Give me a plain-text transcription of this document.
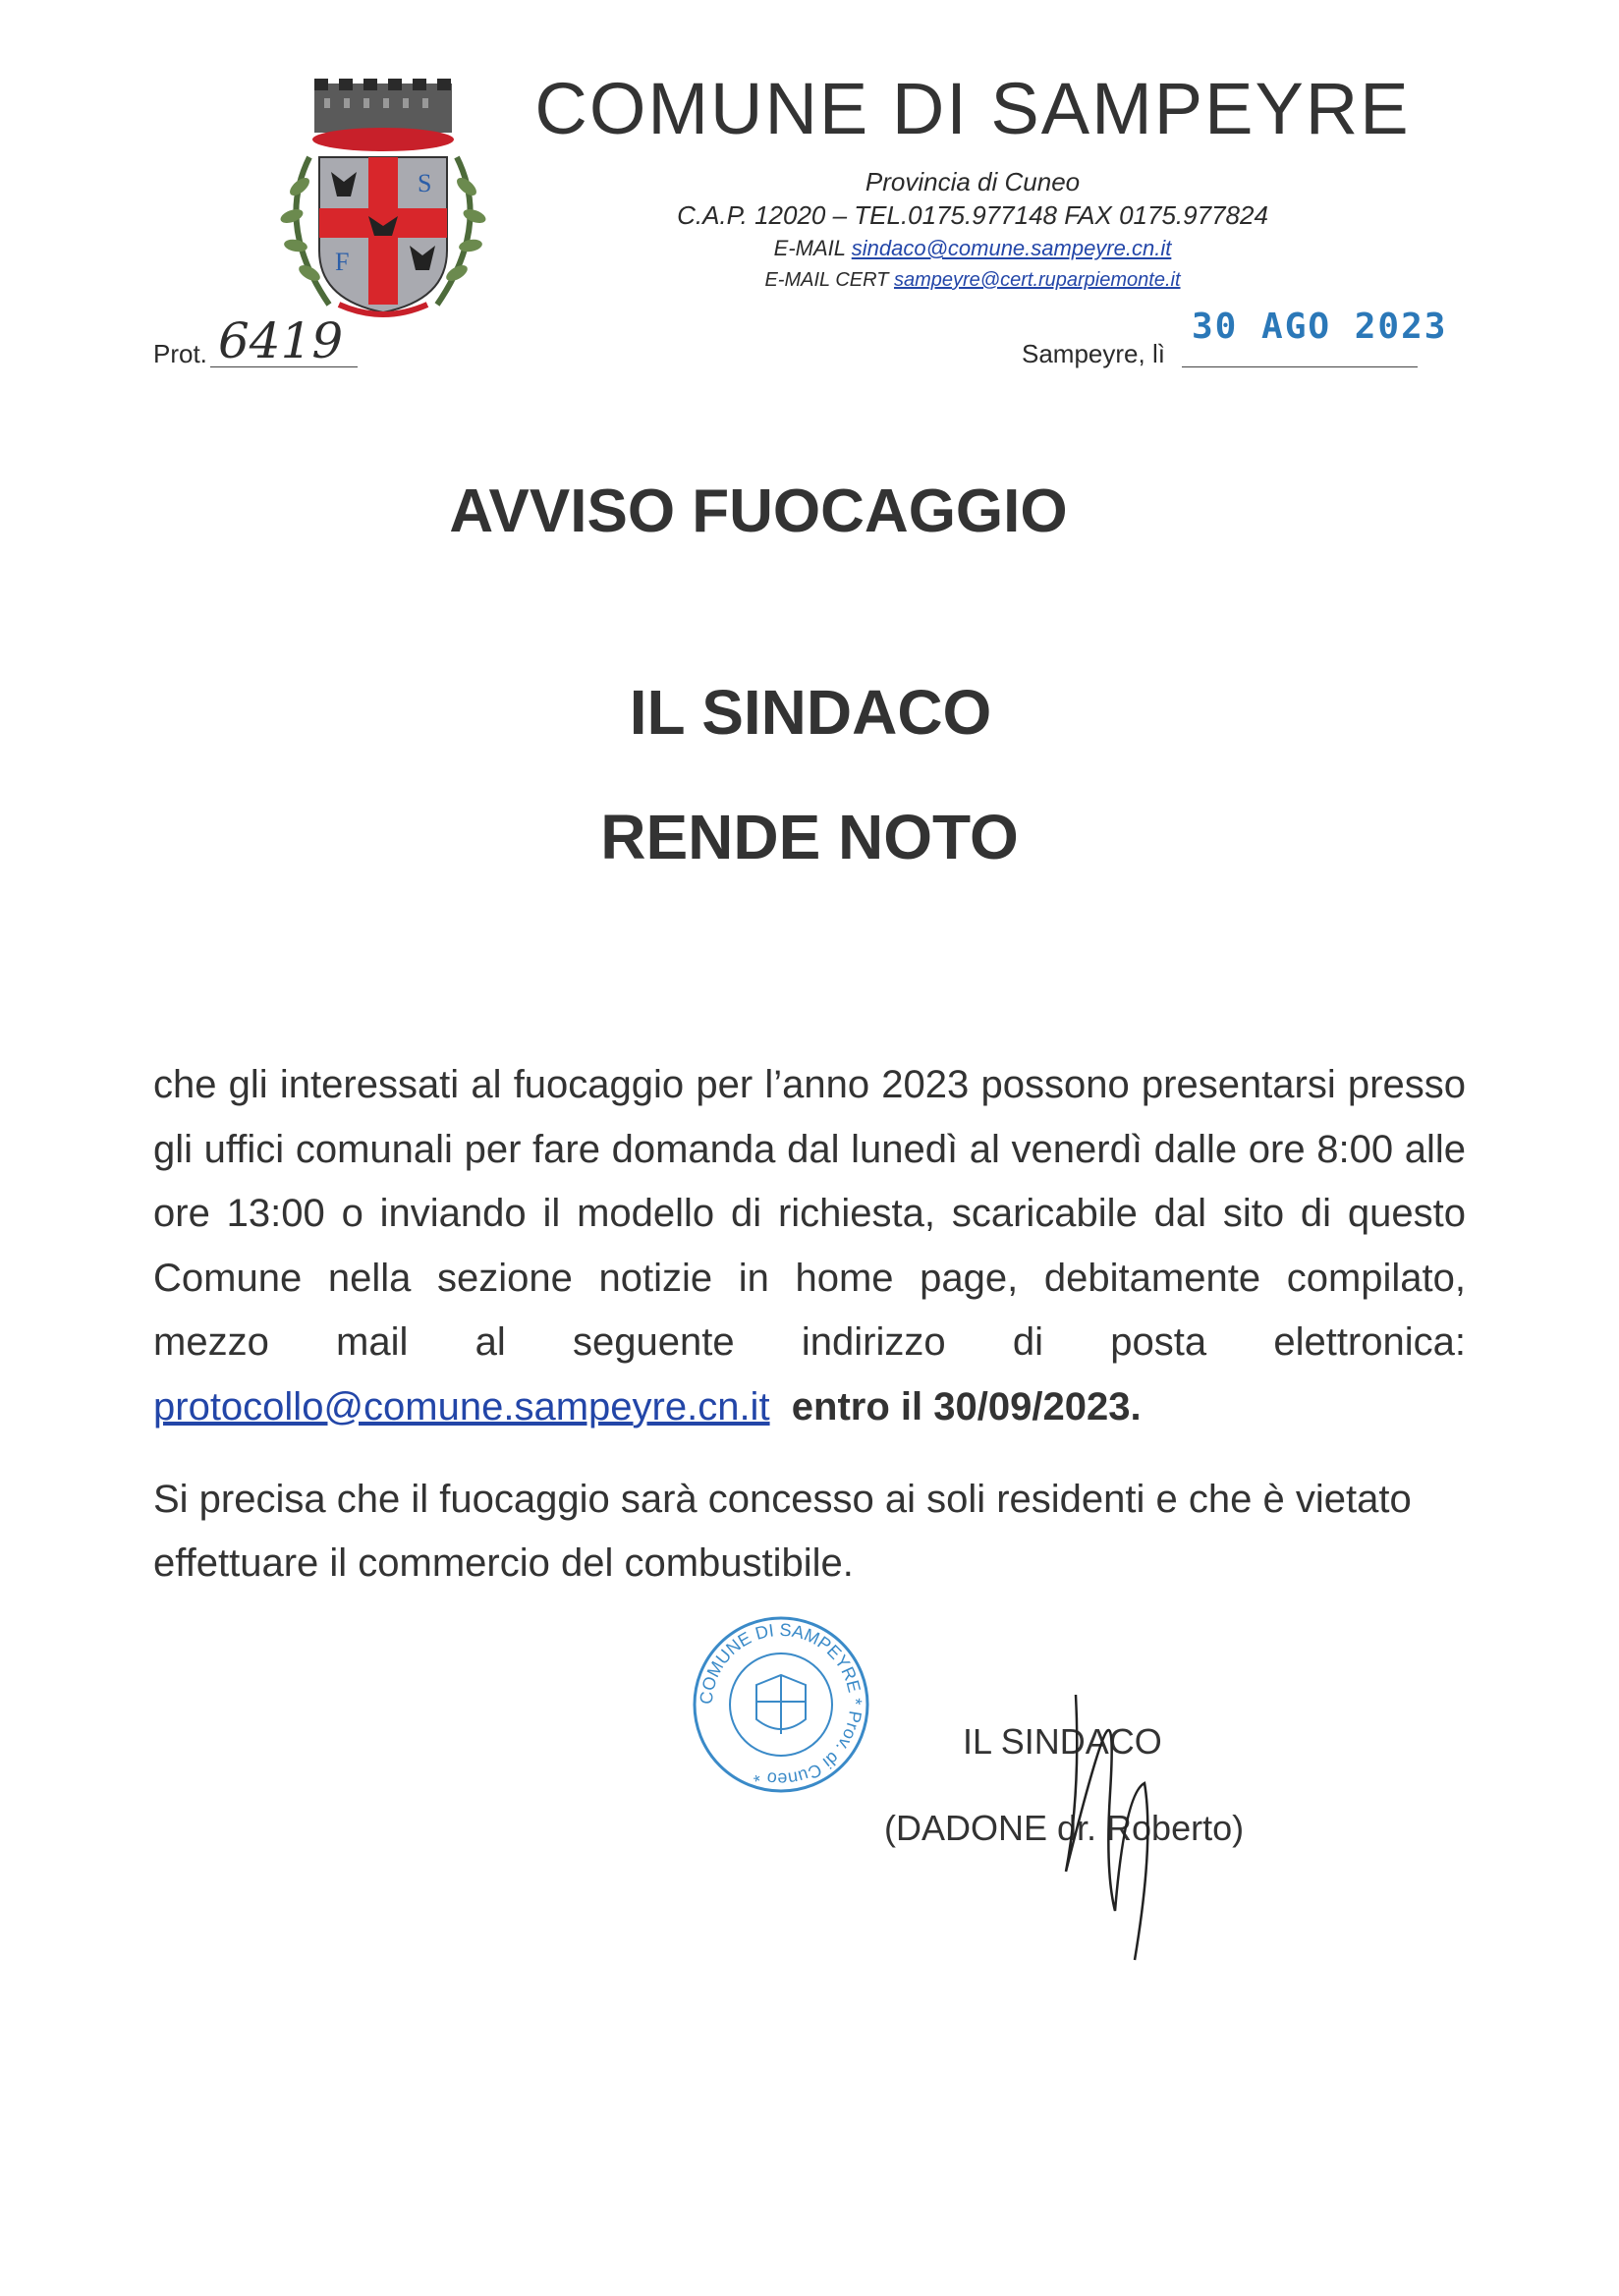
S
F
COMUNE DI SAMPEYRE
Provincia di Cuneo
C.A.P. 12020 – TEL.0175.977148 FAX 0175.977824
E-MAIL sindaco@comune.sampeyre.cn.it
E-MAIL CERT sampeyre@cert.ruparpiemonte.it
Prot. 6419	Sampeyre, lì
30 AGO 2023
AVVISO FUOCAGGIO
IL SINDACO
RENDE NOTO
che gli interessati al fuocaggio per l’anno 2023 possono presentarsi presso gli uffici comunali per fare domanda dal lunedì al venerdì dalle ore 8:00 alle ore 13:00 o inviando il modello di richiesta, scaricabile dal sito di questo Comune nella sezione notizie in home page, debitamente compilato, mezzo mail al seguente indirizzo di posta elettronica: protocollo@comune.sampeyre.cn.it entro il 30/09/2023.
Si precisa che il fuocaggio sarà concesso ai soli residenti e che è vietato effettuare il commercio del combustibile.
COMUNE DI SAMPEYRE * Prov. di Cuneo *
IL SINDACO
(DADONE dr. Roberto)
